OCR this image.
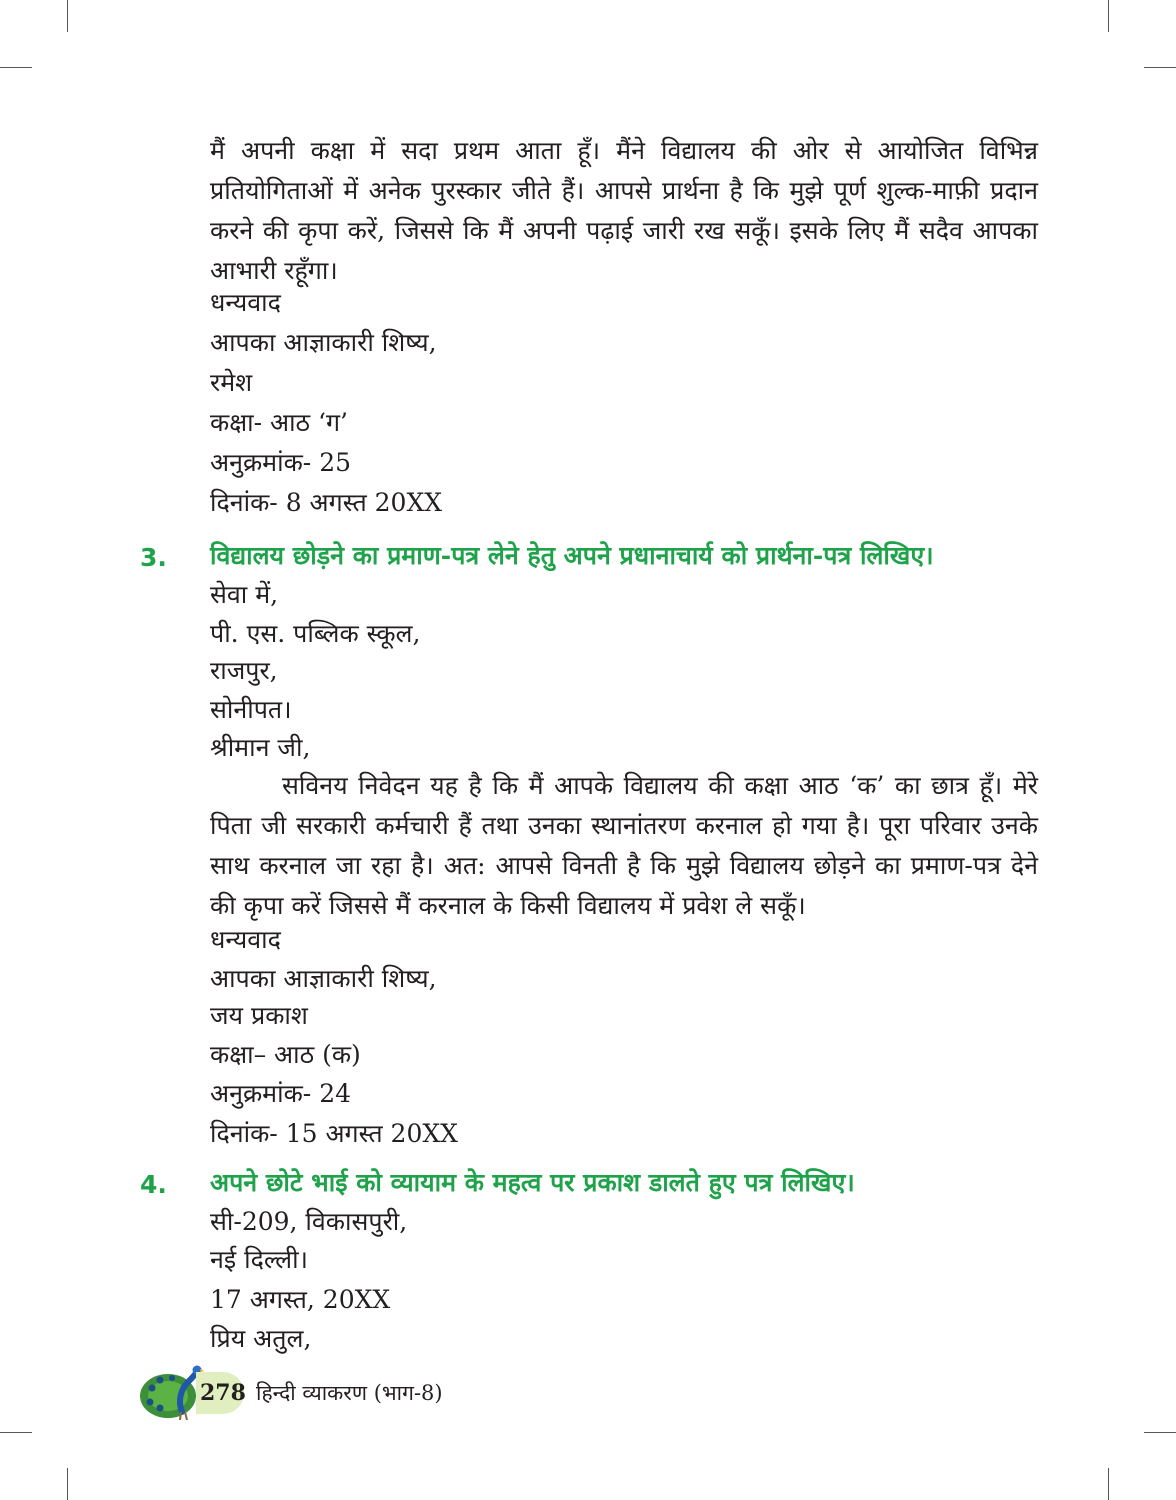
मैं अपनी कक्षा में सदा प्रथम आता हूँ। मैंने विद्यालय की ओर से आयोजित विभिन्न प्रतियोगिताओं में अनेक पुरस्कार जीते हैं। आपसे प्रार्थना है कि मुझे पूर्ण शुल्क-माफ़ी प्रदान करने की कृपा करें, जिससे कि मैं अपनी पढ़ाई जारी रख सकूँ। इसके लिए मैं सदैव आपका आभारी रहूँगा।

धन्यवाद
आपका आज्ञाकारी शिष्य,
रमेश
कक्षा- आठ ‘ग’
अनुक्रमांक- 25
दिनांक- 8 अगस्त 20XX
3. विद्यालय छोड़ने का प्रमाण-पत्र लेने हेतु अपने प्रधानाचार्य को प्रार्थना-पत्र लिखिए।
सेवा में,
पी. एस. पब्लिक स्कूल,
राजपुर,
सोनीपत।
श्रीमान जी,

सविनय निवेदन यह है कि मैं आपके विद्यालय की कक्षा आठ ‘क’ का छात्र हूँ। मेरे पिता जी सरकारी कर्मचारी हैं तथा उनका स्थानांतरण करनाल हो गया है। पूरा परिवार उनके साथ करनाल जा रहा है। अत: आपसे विनती है कि मुझे विद्यालय छोड़ने का प्रमाण-पत्र देने की कृपा करें जिससे मैं करनाल के किसी विद्यालय में प्रवेश ले सकूँ।

धन्यवाद
आपका आज्ञाकारी शिष्य,
जय प्रकाश
कक्षा– आठ (क)
अनुक्रमांक- 24
दिनांक- 15 अगस्त 20XX
4. अपने छोटे भाई को व्यायाम के महत्व पर प्रकाश डालते हुए पत्र लिखिए।
सी-209, विकासपुरी,
नई दिल्ली।
17 अगस्त, 20XX
प्रिय अतुल,
278 हिन्दी व्याकरण (भाग-8)
